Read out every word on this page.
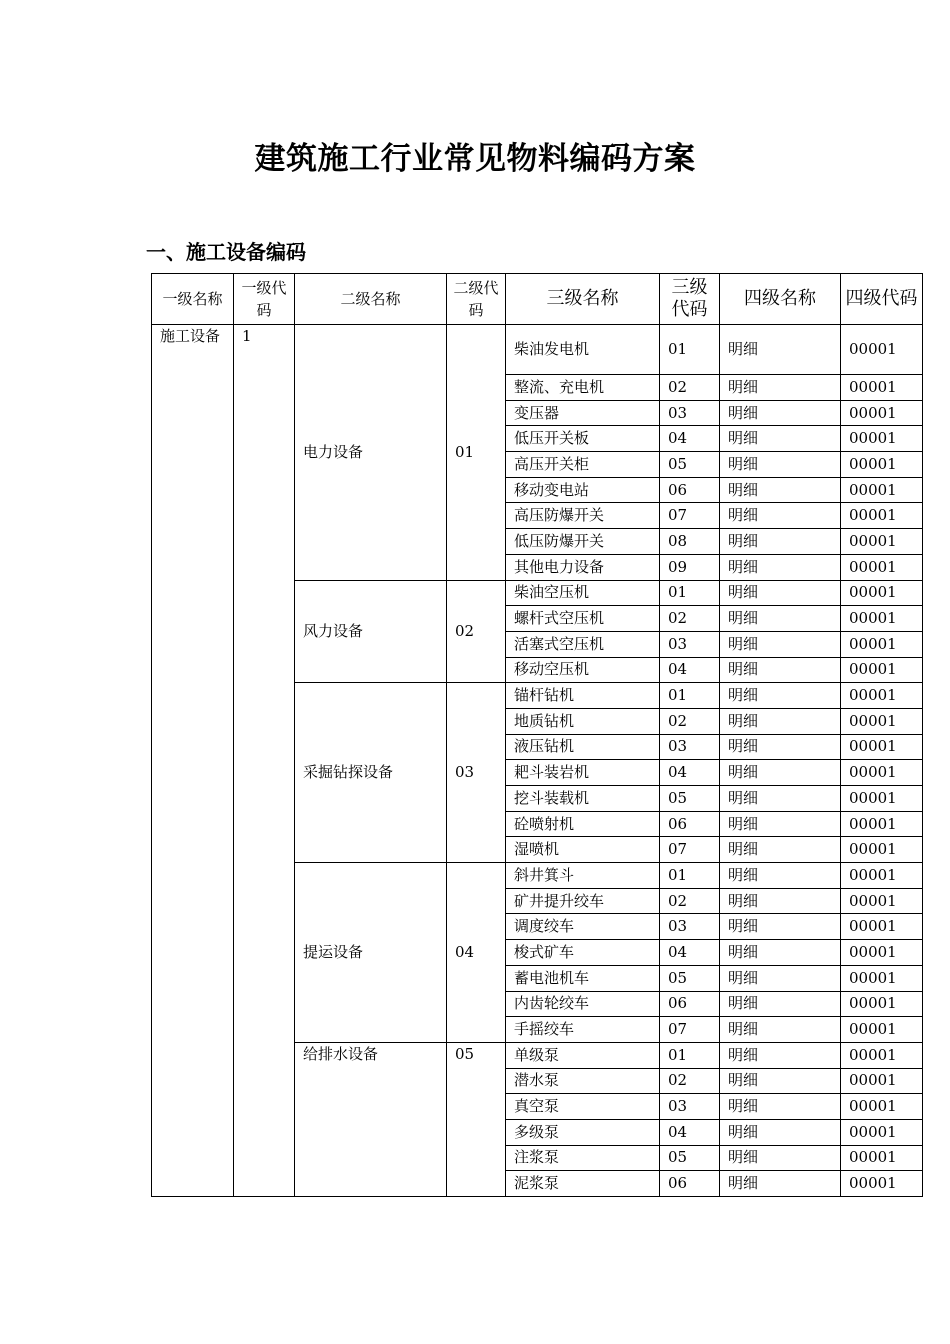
建筑施工行业常见物料编码方案
一、施工设备编码
一级名称	一级代码	二级名称	二级代码	三级名称	三级代码	四级名称	四级代码
施工设备	1	电力设备	01	柴油发电机	01	明细	00001
				整流、充电机	02	明细	00001
				变压器	03	明细	00001
				低压开关板	04	明细	00001
				高压开关柜	05	明细	00001
				移动变电站	06	明细	00001
				高压防爆开关	07	明细	00001
				低压防爆开关	08	明细	00001
				其他电力设备	09	明细	00001
		风力设备	02	柴油空压机	01	明细	00001
				螺杆式空压机	02	明细	00001
				活塞式空压机	03	明细	00001
				移动空压机	04	明细	00001
		采掘钻探设备	03	锚杆钻机	01	明细	00001
				地质钻机	02	明细	00001
				液压钻机	03	明细	00001
				耙斗装岩机	04	明细	00001
				挖斗装载机	05	明细	00001
				砼喷射机	06	明细	00001
				湿喷机	07	明细	00001
		提运设备	04	斜井箕斗	01	明细	00001
				矿井提升绞车	02	明细	00001
				调度绞车	03	明细	00001
				梭式矿车	04	明细	00001
				蓄电池机车	05	明细	00001
				内齿轮绞车	06	明细	00001
				手摇绞车	07	明细	00001
		给排水设备	05	单级泵	01	明细	00001
				潜水泵	02	明细	00001
				真空泵	03	明细	00001
				多级泵	04	明细	00001
				注浆泵	05	明细	00001
				泥浆泵	06	明细	00001
